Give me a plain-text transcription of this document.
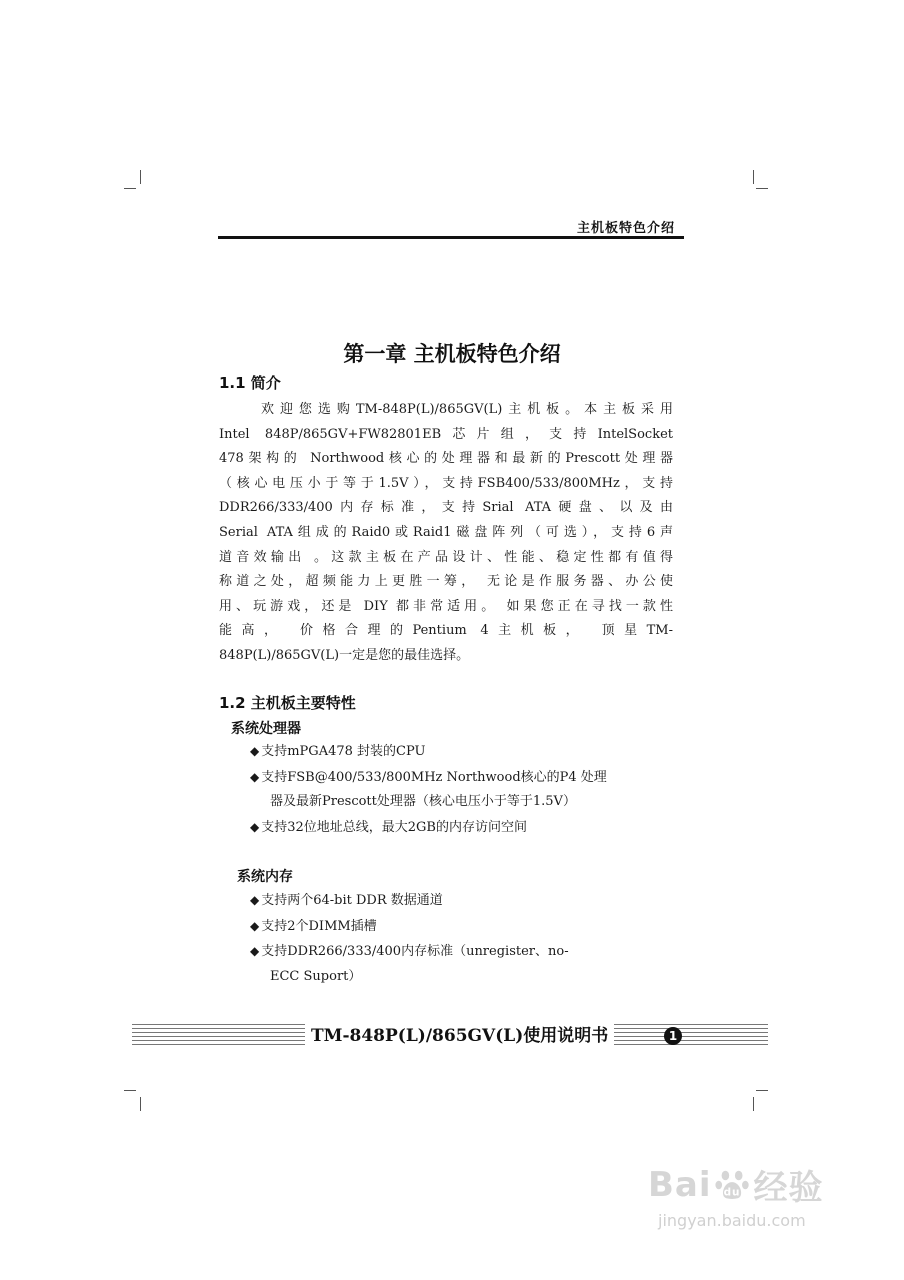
主机板特色介绍
第一章 主机板特色介绍
1.1 简介
欢迎您选购TM-848P(L)/865GV(L)主机板。本主板采用
Intel 848P/865GV+FW82801EB芯片组，支持IntelSocket
478架构的 Northwood核心的处理器和最新的Prescott处理器
（核心电压小于等于1.5V），支持FSB400/533/800MHz，支持
DDR266/333/400内存标准，支持Srial ATA硬盘、以及由
Serial ATA组成的Raid0或Raid1磁盘阵列（可选），支持6声
道音效输出 。这款主板在产品设计、性能、稳定性都有值得
称道之处，超频能力上更胜一筹， 无论是作服务器、办公使
用、玩游戏，还是 DIY 都非常适用。 如果您正在寻找一款性
能高， 价格合理的Pentium 4主机板， 顶星TM-
848P(L)/865GV(L)一定是您的最佳选择。
1.2 主机板主要特性
系统处理器
◆ 支持mPGA478 封装的CPU
◆ 支持FSB@400/533/800MHz Northwood核心的P4 处理
器及最新Prescott处理器（核心电压小于等于1.5V）
◆ 支持32位地址总线，最大2GB的内存访问空间
系统内存
◆ 支持两个64-bit DDR 数据通道
◆ 支持2个DIMM插槽
◆ 支持DDR266/333/400内存标准（unregister、no-
ECC Suport）
TM-848P(L)/865GV(L)使用说明书	1
Bai du 经验
jingyan.baidu.com
